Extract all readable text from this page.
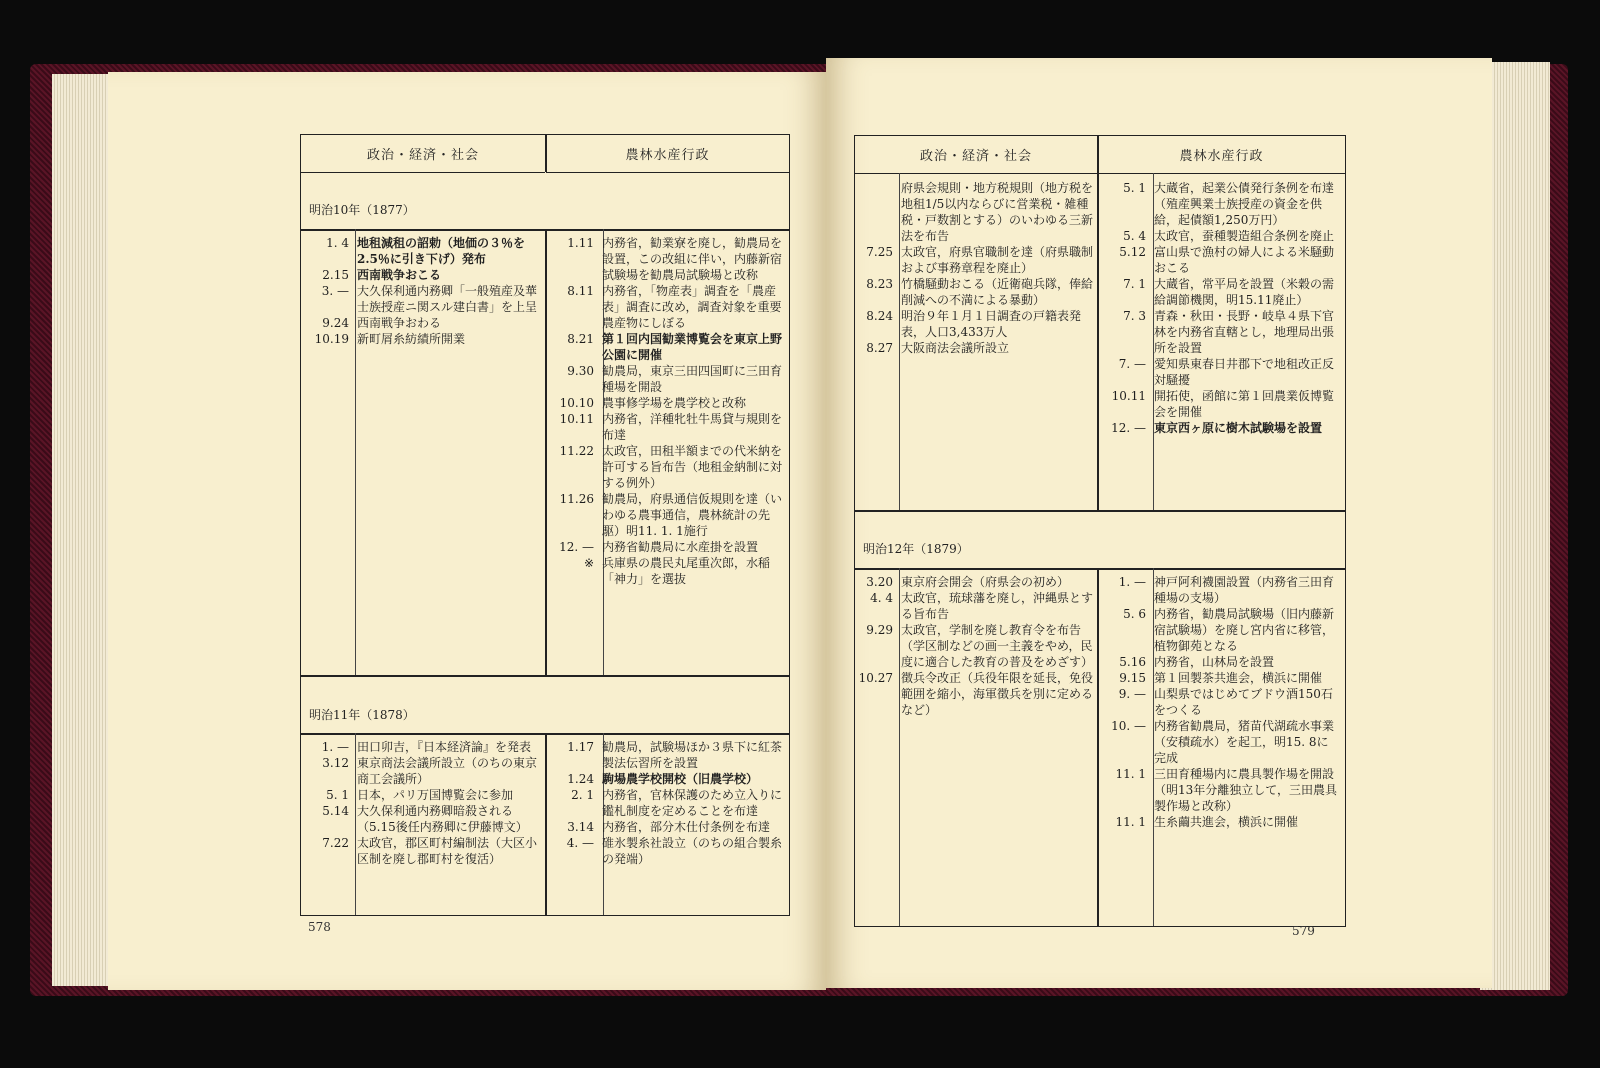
政治・経済・社会	農林水産行政
明治10年（1877）
1. 4 地租減租の詔勅（地価の３％を2.5％に引き下げ）発布
2.15 西南戦争おこる
3. — 大久保利通内務卿「一般殖産及華士族授産ニ関スル建白書」を上呈
9.24 西南戦争おわる
10.19 新町屑糸紡績所開業
1.11 内務省，勧業寮を廃し，勧農局を設置，この改組に伴い，内藤新宿試験場を勧農局試験場と改称
8.11 内務省，「物産表」調査を「農産表」調査に改め，調査対象を重要農産物にしぼる
8.21 第１回内国勧業博覧会を東京上野公園に開催
9.30 勧農局，東京三田四国町に三田育種場を開設
10.10 農事修学場を農学校と改称
10.11 内務省，洋種牝牡牛馬貸与規則を布達
11.22 太政官，田租半額までの代米納を許可する旨布告（地租金納制に対する例外）
11.26 勧農局，府県通信仮規則を達（いわゆる農事通信，農林統計の先駆）明11. 1. 1施行
12. — 内務省勧農局に水産掛を設置
※ 兵庫県の農民丸尾重次郎，水稲「神力」を選抜
明治11年（1878）
1. — 田口卯吉，『日本経済論』を発表
3.12 東京商法会議所設立（のちの東京商工会議所）
5. 1 日本，パリ万国博覧会に参加
5.14 大久保利通内務卿暗殺される（5.15後任内務卿に伊藤博文）
7.22 太政官，郡区町村編制法（大区小区制を廃し郡町村を復活）
1.17 勧農局，試験場ほか３県下に紅茶製法伝習所を設置
1.24 駒場農学校開校（旧農学校）
2. 1 内務省，官林保護のため立入りに鑑札制度を定めることを布達
3.14 内務省，部分木仕付条例を布達
4. — 碓氷製糸社設立（のちの組合製糸の発端）
578
政治・経済・社会	農林水産行政
府県会規則・地方税規則（地方税を地租1/5以内ならびに営業税・雑種税・戸数割とする）のいわゆる三新法を布告
7.25 太政官，府県官職制を達（府県職制および事務章程を廃止）
8.23 竹橋騒動おこる（近衛砲兵隊，俸給削減への不満による暴動）
8.24 明治９年１月１日調査の戸籍表発表，人口3,433万人
8.27 大阪商法会議所設立
5. 1 大蔵省，起業公債発行条例を布達（殖産興業士族授産の資金を供給，起債額1,250万円）
5. 4 太政官，蚕種製造組合条例を廃止
5.12 富山県で漁村の婦人による米騒動おこる
7. 1 大蔵省，常平局を設置（米穀の需給調節機関，明15.11廃止）
7. 3 青森・秋田・長野・岐阜４県下官林を内務省直轄とし，地理局出張所を設置
7. — 愛知県東春日井郡下で地租改正反対騒擾
10.11 開拓使，函館に第１回農業仮博覧会を開催
12. — 東京西ヶ原に樹木試験場を設置
明治12年（1879）
3.20 東京府会開会（府県会の初め）
4. 4 太政官，琉球藩を廃し，沖縄県とする旨布告
9.29 太政官，学制を廃し教育令を布告（学区制などの画一主義をやめ，民度に適合した教育の普及をめざす）
10.27 徴兵令改正（兵役年限を延長，免役範囲を縮小，海軍徴兵を別に定めるなど）
1. — 神戸阿利襪園設置（内務省三田育種場の支場）
5. 6 内務省，勧農局試験場（旧内藤新宿試験場）を廃し宮内省に移管，植物御苑となる
5.16 内務省，山林局を設置
9.15 第１回製茶共進会，横浜に開催
9. — 山梨県ではじめてブドウ酒150石をつくる
10. — 内務省勧農局，猪苗代湖疏水事業（安積疏水）を起工，明15. 8に完成
11. 1 三田育種場内に農具製作場を開設（明13年分離独立して，三田農具製作場と改称）
11. 1 生糸繭共進会，横浜に開催
579
